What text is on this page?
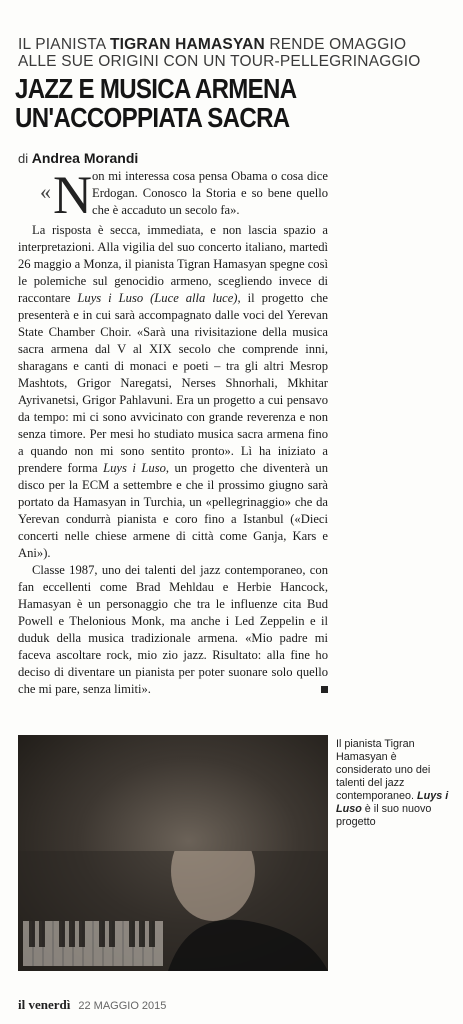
IL PIANISTA TIGRAN HAMASYAN RENDE OMAGGIO ALLE SUE ORIGINI CON UN TOUR-PELLEGRINAGGIO
JAZZ E MUSICA ARMENA
UN'ACCOPPIATA SACRA
di Andrea Morandi
«N on mi interessa cosa pensa Obama o cosa dice Erdogan. Conosco la Storia e so bene quello che è accaduto un secolo fa».

La risposta è secca, immediata, e non lascia spazio a interpretazioni. Alla vigilia del suo concerto italiano, martedì 26 maggio a Monza, il pianista Tigran Hamasyan spegne così le polemiche sul genocidio armeno, scegliendo invece di raccontare Luys i Luso (Luce alla luce), il progetto che presenterà e in cui sarà accompagnato dalle voci del Yerevan State Chamber Choir. «Sarà una rivisitazione della musica sacra armena dal V al XIX secolo che comprende inni, sharagans e canti di monaci e poeti – tra gli altri Mesrop Mashtots, Grigor Naregatsi, Nerses Shnorhali, Mkhitar Ayrivanetsi, Grigor Pahlavuni. Era un progetto a cui pensavo da tempo: mi ci sono avvicinato con grande reverenza e non senza timore. Per mesi ho studiato musica sacra armena fino a quando non mi sono sentito pronto». Lì ha iniziato a prendere forma Luys i Luso, un progetto che diventerà un disco per la ECM a settembre e che il prossimo giugno sarà portato da Hamasyan in Turchia, un «pellegrinaggio» che da Yerevan condurrà pianista e coro fino a Istanbul («Dieci concerti nelle chiese armene di città come Ganja, Kars e Ani»).

Classe 1987, uno dei talenti del jazz contemporaneo, con fan eccellenti come Brad Mehldau e Herbie Hancock, Hamasyan è un personaggio che tra le influenze cita Bud Powell e Thelonious Monk, ma anche i Led Zeppelin e il duduk della musica tradizionale armena. «Mio padre mi faceva ascoltare rock, mio zio jazz. Risultato: alla fine ho deciso di diventare un pianista per poter suonare solo quello che mi pare, senza limiti».

Il pianista Tigran Hamasyan è considerato uno dei talenti del jazz contemporaneo. Luys i Luso è il suo nuovo progetto
il venerdì 22 MAGGIO 2015
